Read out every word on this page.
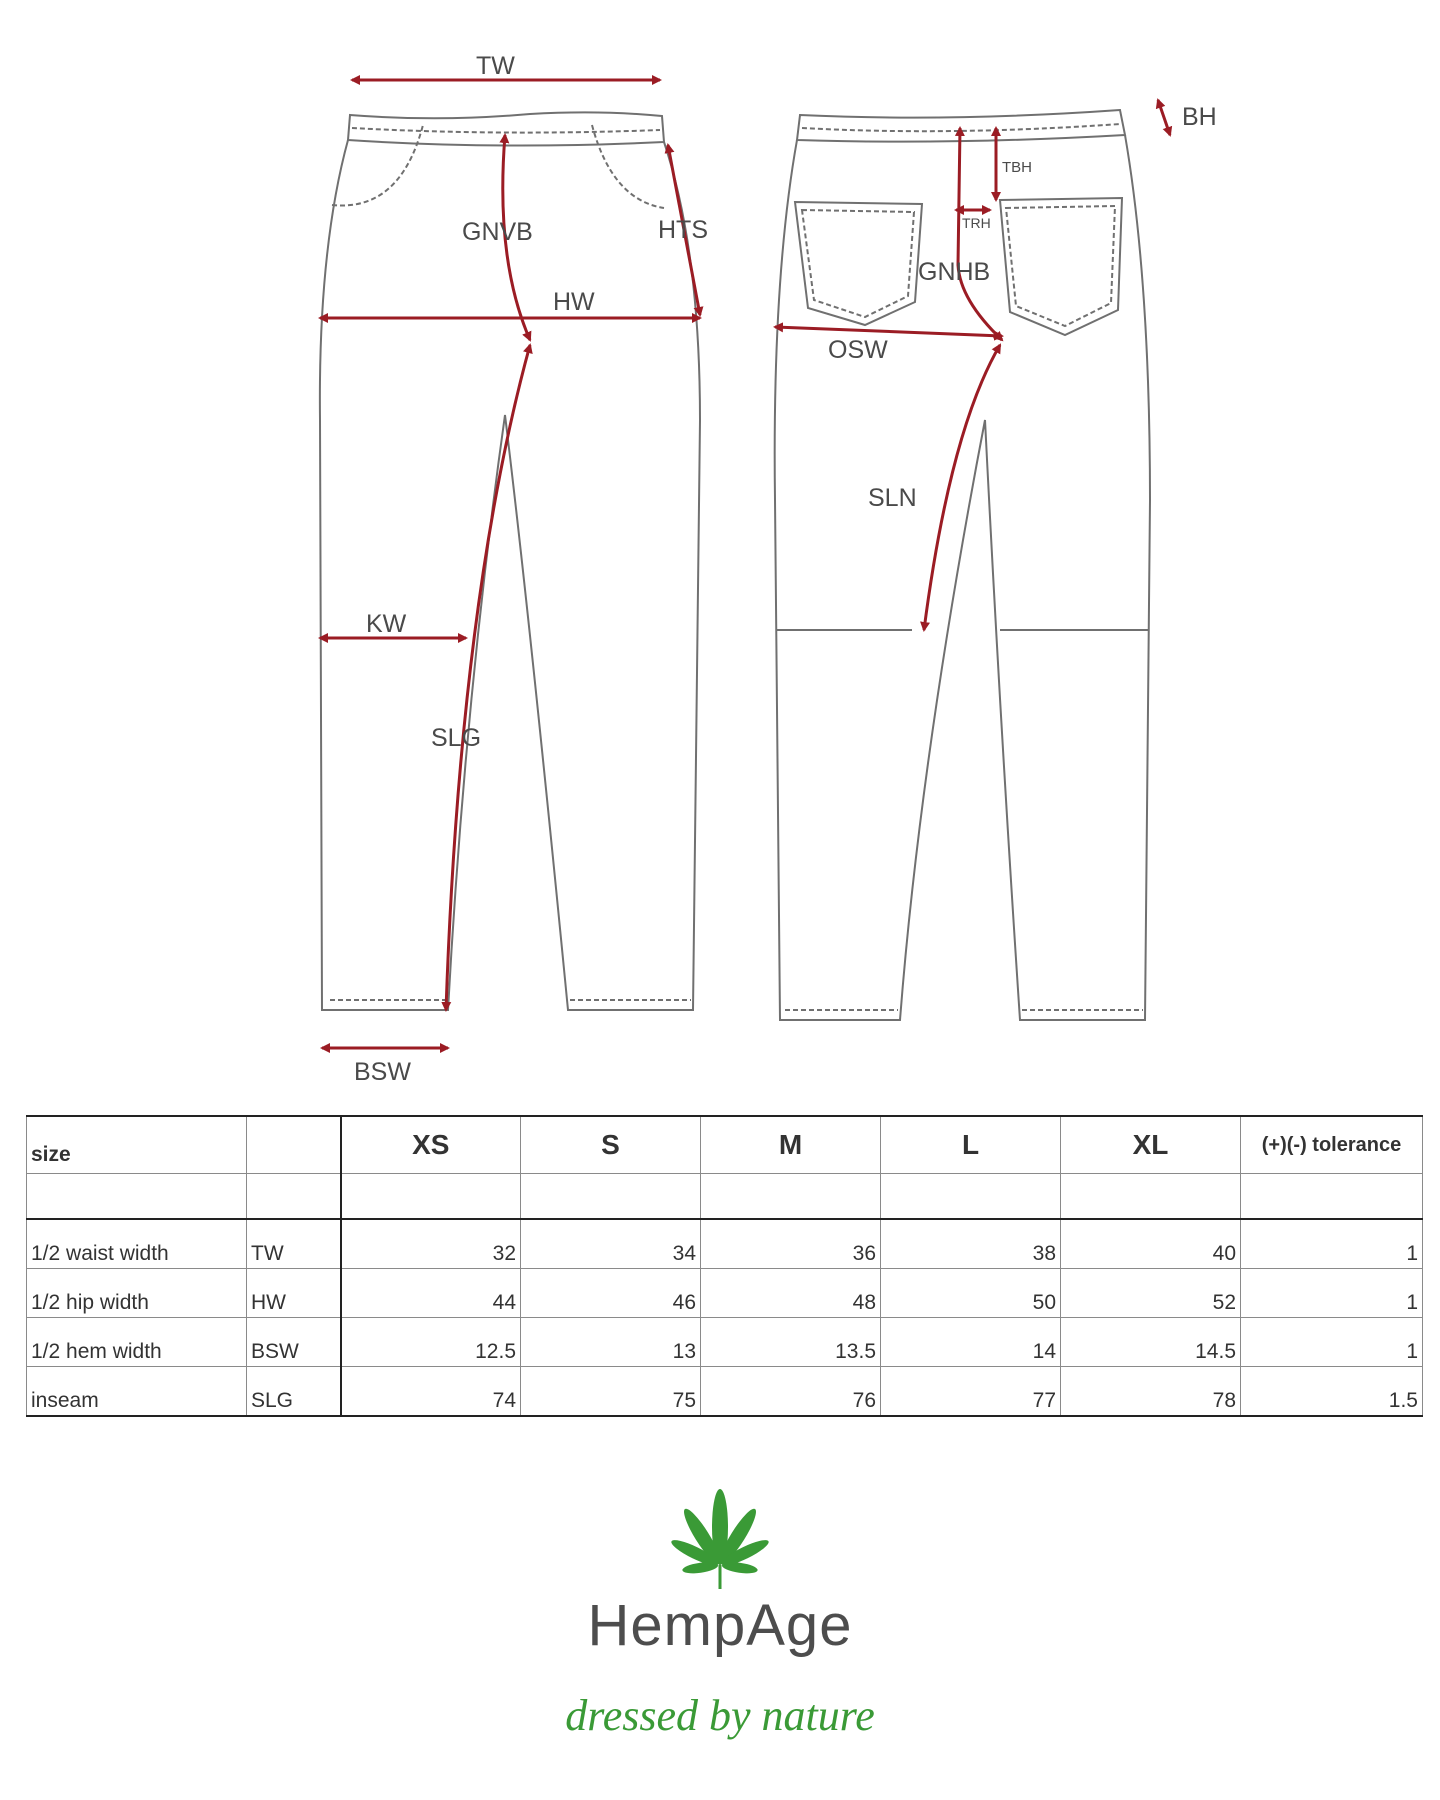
TW
GNVB	HTS
HW
KW
SLG
BSW
BH
TBH
TRH
GNHB
OSW
SLN
size		XS	S	M	L	XL	(+)(-) tolerance

1/2 waist width	TW	32	34	36	38	40	1
1/2 hip width	HW	44	46	48	50	52	1
1/2 hem width	BSW	12.5	13	13.5	14	14.5	1
inseam	SLG	74	75	76	77	78	1.5
HempAge
dressed by nature
